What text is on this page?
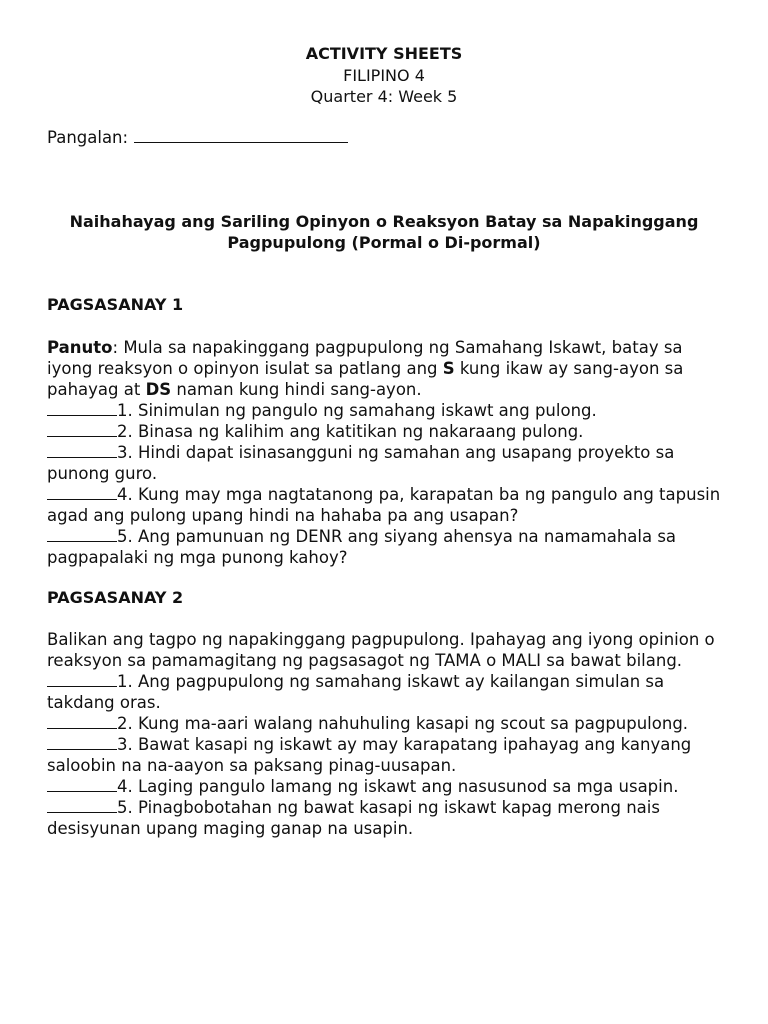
ACTIVITY SHEETS
FILIPINO 4
Quarter 4: Week 5
Pangalan:
Naihahayag ang Sariling Opinyon o Reaksyon Batay sa Napakinggang
Pagpupulong (Pormal o Di-pormal)
PAGSASANAY 1

Panuto: Mula sa napakinggang pagpupulong ng Samahang Iskawt, batay sa iyong reaksyon o opinyon isulat sa patlang ang S kung ikaw ay sang-ayon sa pahayag at DS naman kung hindi sang-ayon.

1. Sinimulan ng pangulo ng samahang iskawt ang pulong.

2. Binasa ng kalihim ang katitikan ng nakaraang pulong.

3. Hindi dapat isinasangguni ng samahan ang usapang proyekto sa punong guro.

4. Kung may mga nagtatanong pa, karapatan ba ng pangulo ang tapusin agad ang pulong upang hindi na hahaba pa ang usapan?

5. Ang pamunuan ng DENR ang siyang ahensya na namamahala sa pagpapalaki ng mga punong kahoy?

PAGSASANAY 2

Balikan ang tagpo ng napakinggang pagpupulong. Ipahayag ang iyong opinion o reaksyon sa pamamagitang ng pagsasagot ng TAMA o MALI sa bawat bilang.

1. Ang pagpupulong ng samahang iskawt ay kailangan simulan sa takdang oras.

2. Kung ma-aari walang nahuhuling kasapi ng scout sa pagpupulong.

3. Bawat kasapi ng iskawt ay may karapatang ipahayag ang kanyang saloobin na na-aayon sa paksang pinag-uusapan.

4. Laging pangulo lamang ng iskawt ang nasusunod sa mga usapin.

5. Pinagbobotahan ng bawat kasapi ng iskawt kapag merong nais desisyunan upang maging ganap na usapin.
